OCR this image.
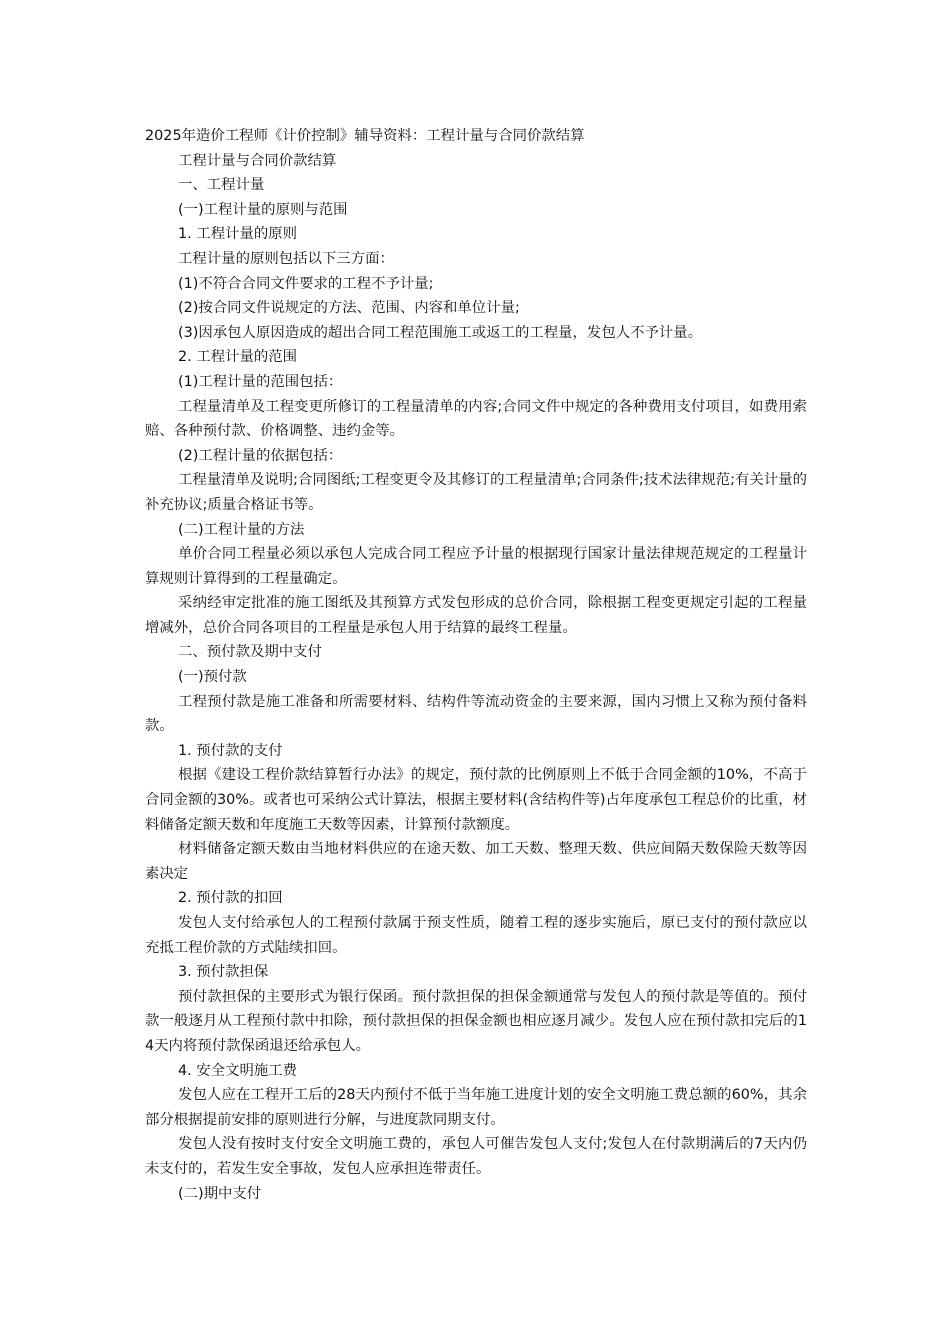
2025年造价工程师《计价控制》辅导资料：工程计量与合同价款结算

工程计量与合同价款结算

一、工程计量

(一)工程计量的原则与范围

1. 工程计量的原则

工程计量的原则包括以下三方面：

(1)不符合合同文件要求的工程不予计量;

(2)按合同文件说规定的方法、范围、内容和单位计量;

(3)因承包人原因造成的超出合同工程范围施工或返工的工程量，发包人不予计量。

2. 工程计量的范围

(1)工程计量的范围包括：

工程量清单及工程变更所修订的工程量清单的内容;合同文件中规定的各种费用支付项目，如费用索赔、各种预付款、价格调整、违约金等。

(2)工程计量的依据包括：

工程量清单及说明;合同图纸;工程变更令及其修订的工程量清单;合同条件;技术法律规范;有关计量的补充协议;质量合格证书等。

(二)工程计量的方法

单价合同工程量必须以承包人完成合同工程应予计量的根据现行国家计量法律规范规定的工程量计算规则计算得到的工程量确定。

采纳经审定批准的施工图纸及其预算方式发包形成的总价合同，除根据工程变更规定引起的工程量增减外，总价合同各项目的工程量是承包人用于结算的最终工程量。

二、预付款及期中支付

(一)预付款

工程预付款是施工准备和所需要材料、结构件等流动资金的主要来源，国内习惯上又称为预付备料款。

1. 预付款的支付

根据《建设工程价款结算暂行办法》的规定，预付款的比例原则上不低于合同金额的10%，不高于合同金额的30%。或者也可采纳公式计算法，根据主要材料(含结构件等)占年度承包工程总价的比重，材料储备定额天数和年度施工天数等因素，计算预付款额度。

材料储备定额天数由当地材料供应的在途天数、加工天数、整理天数、供应间隔天数保险天数等因素决定

2. 预付款的扣回

发包人支付给承包人的工程预付款属于预支性质，随着工程的逐步实施后，原已支付的预付款应以充抵工程价款的方式陆续扣回。

3. 预付款担保

预付款担保的主要形式为银行保函。预付款担保的担保金额通常与发包人的预付款是等值的。预付款一般逐月从工程预付款中扣除，预付款担保的担保金额也相应逐月减少。发包人应在预付款扣完后的14天内将预付款保函退还给承包人。

4. 安全文明施工费

发包人应在工程开工后的28天内预付不低于当年施工进度计划的安全文明施工费总额的60%，其余部分根据提前安排的原则进行分解，与进度款同期支付。

发包人没有按时支付安全文明施工费的，承包人可催告发包人支付;发包人在付款期满后的7天内仍未支付的，若发生安全事故，发包人应承担连带责任。

(二)期中支付
